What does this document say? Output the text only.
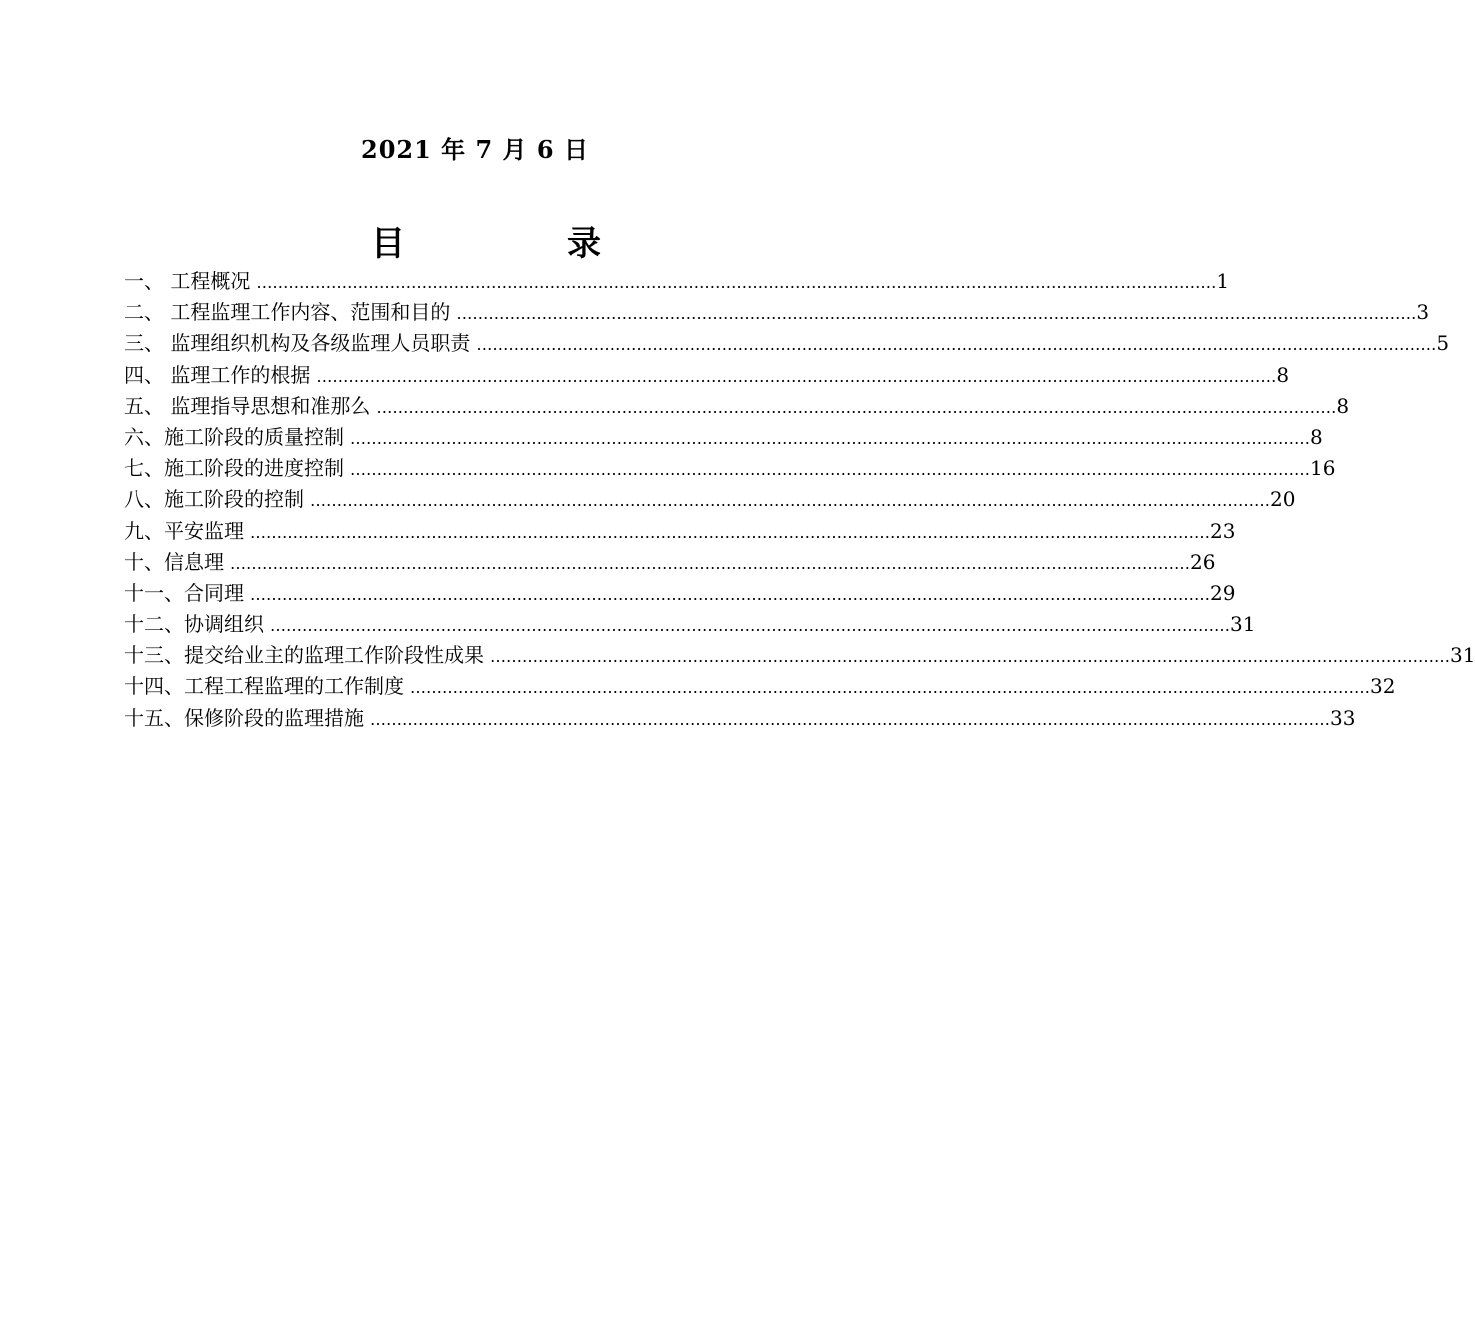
2021 年 7 月 6 日
目	录
一、 工程概况 ……………………………………………………………………………………………………………………………………………………………… 1
二、 工程监理工作内容、范围和目的 ……………………………………………………………………………………………………………………………………………………………… 3
三、 监理组织机构及各级监理人员职责 ……………………………………………………………………………………………………………………………………………………………… 5
四、 监理工作的根据 ……………………………………………………………………………………………………………………………………………………………… 8
五、 监理指导思想和准那么 ……………………………………………………………………………………………………………………………………………………………… 8
六、施工阶段的质量控制 ……………………………………………………………………………………………………………………………………………………………… 8
七、施工阶段的进度控制 ……………………………………………………………………………………………………………………………………………………………… 16
八、施工阶段的控制 ……………………………………………………………………………………………………………………………………………………………… 20
九、平安监理 ……………………………………………………………………………………………………………………………………………………………… 23
十、信息理 ……………………………………………………………………………………………………………………………………………………………… 26
十一、合同理 ……………………………………………………………………………………………………………………………………………………………… 29
十二、协调组织 ……………………………………………………………………………………………………………………………………………………………… 31
十三、提交给业主的监理工作阶段性成果 ……………………………………………………………………………………………………………………………………………………………… 31
十四、工程工程监理的工作制度 ……………………………………………………………………………………………………………………………………………………………… 32
十五、保修阶段的监理措施 ……………………………………………………………………………………………………………………………………………………………… 33
